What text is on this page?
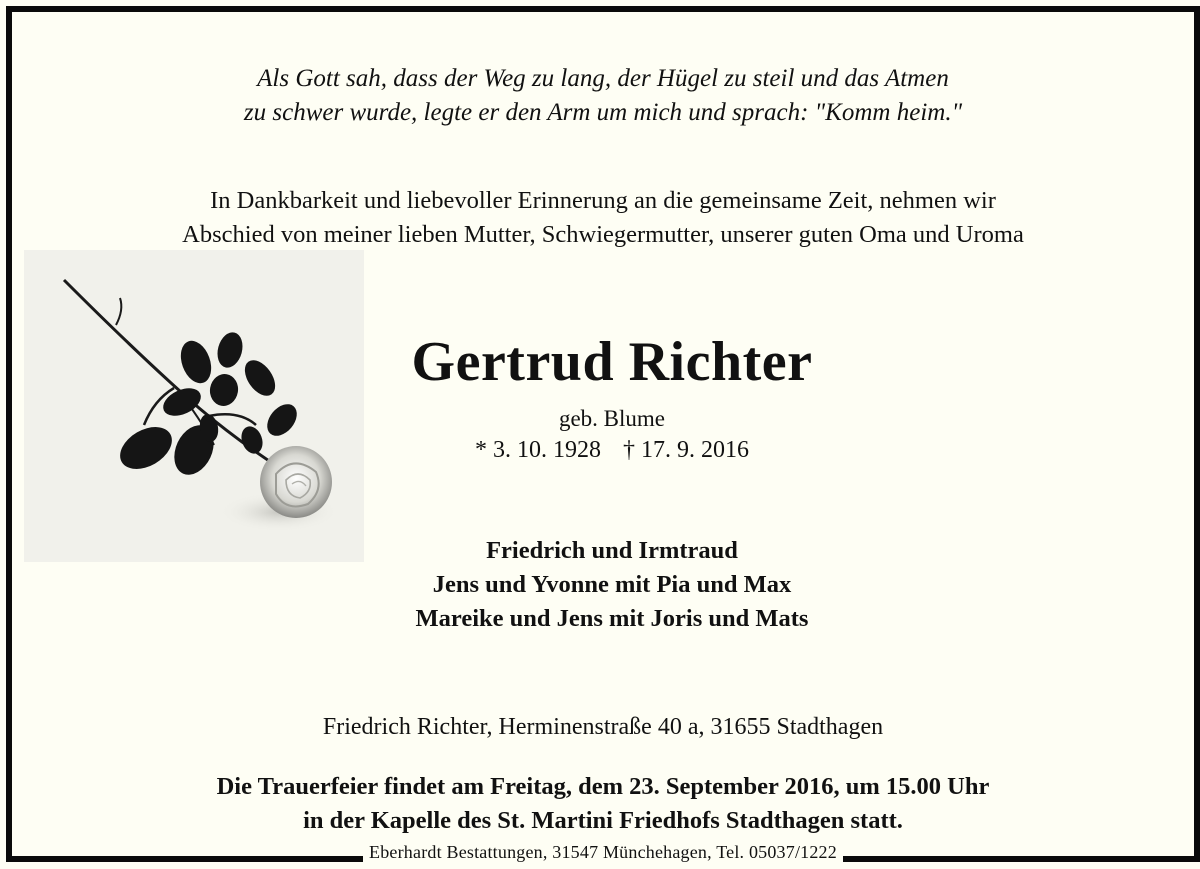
Als Gott sah, dass der Weg zu lang, der Hügel zu steil und das Atmen
zu schwer wurde, legte er den Arm um mich und sprach: "Komm heim."
In Dankbarkeit und liebevoller Erinnerung an die gemeinsame Zeit, nehmen wir
Abschied von meiner lieben Mutter, Schwiegermutter, unserer guten Oma und Uroma
Gertrud Richter
geb. Blume
* 3. 10. 1928 † 17. 9. 2016
Friedrich und Irmtraud
Jens und Yvonne mit Pia und Max
Mareike und Jens mit Joris und Mats
Friedrich Richter, Herminenstraße 40 a, 31655 Stadthagen
Die Trauerfeier findet am Freitag, dem 23. September 2016, um 15.00 Uhr
in der Kapelle des St. Martini Friedhofs Stadthagen statt.
Eberhardt Bestattungen, 31547 Münchehagen, Tel. 05037/1222
